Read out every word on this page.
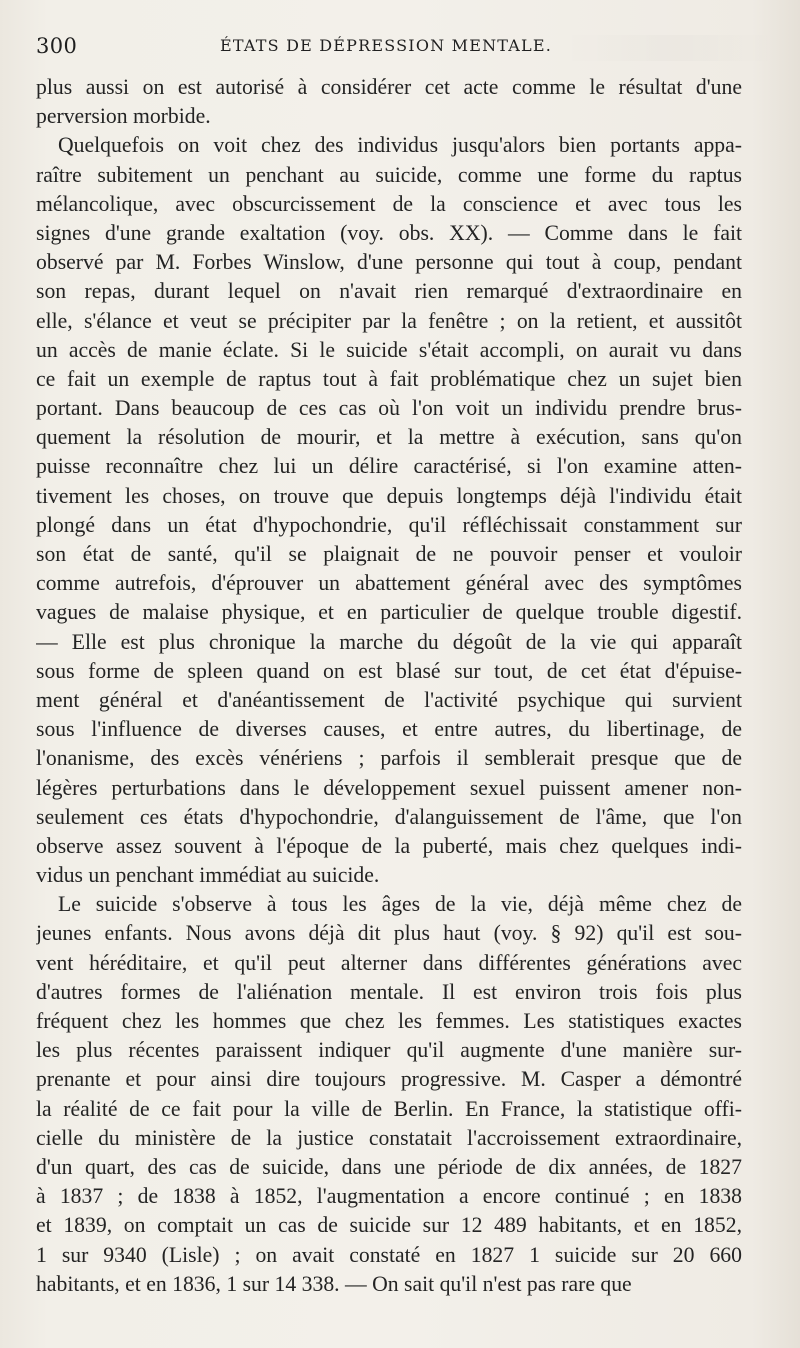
300	ÉTATS DE DÉPRESSION MENTALE.
plus aussi on est autorisé à considérer cet acte comme le résultat d'une
perversion morbide.
Quelquefois on voit chez des individus jusqu'alors bien portants appa-
raître subitement un penchant au suicide, comme une forme du raptus
mélancolique, avec obscurcissement de la conscience et avec tous les
signes d'une grande exaltation (voy. obs. XX). — Comme dans le fait
observé par M. Forbes Winslow, d'une personne qui tout à coup, pendant
son repas, durant lequel on n'avait rien remarqué d'extraordinaire en
elle, s'élance et veut se précipiter par la fenêtre ; on la retient, et aussitôt
un accès de manie éclate. Si le suicide s'était accompli, on aurait vu dans
ce fait un exemple de raptus tout à fait problématique chez un sujet bien
portant. Dans beaucoup de ces cas où l'on voit un individu prendre brus-
quement la résolution de mourir, et la mettre à exécution, sans qu'on
puisse reconnaître chez lui un délire caractérisé, si l'on examine atten-
tivement les choses, on trouve que depuis longtemps déjà l'individu était
plongé dans un état d'hypochondrie, qu'il réfléchissait constamment sur
son état de santé, qu'il se plaignait de ne pouvoir penser et vouloir
comme autrefois, d'éprouver un abattement général avec des symptômes
vagues de malaise physique, et en particulier de quelque trouble digestif.
— Elle est plus chronique la marche du dégoût de la vie qui apparaît
sous forme de spleen quand on est blasé sur tout, de cet état d'épuise-
ment général et d'anéantissement de l'activité psychique qui survient
sous l'influence de diverses causes, et entre autres, du libertinage, de
l'onanisme, des excès vénériens ; parfois il semblerait presque que de
légères perturbations dans le développement sexuel puissent amener non-
seulement ces états d'hypochondrie, d'alanguissement de l'âme, que l'on
observe assez souvent à l'époque de la puberté, mais chez quelques indi-
vidus un penchant immédiat au suicide.
Le suicide s'observe à tous les âges de la vie, déjà même chez de
jeunes enfants. Nous avons déjà dit plus haut (voy. § 92) qu'il est sou-
vent héréditaire, et qu'il peut alterner dans différentes générations avec
d'autres formes de l'aliénation mentale. Il est environ trois fois plus
fréquent chez les hommes que chez les femmes. Les statistiques exactes
les plus récentes paraissent indiquer qu'il augmente d'une manière sur-
prenante et pour ainsi dire toujours progressive. M. Casper a démontré
la réalité de ce fait pour la ville de Berlin. En France, la statistique offi-
cielle du ministère de la justice constatait l'accroissement extraordinaire,
d'un quart, des cas de suicide, dans une période de dix années, de 1827
à 1837 ; de 1838 à 1852, l'augmentation a encore continué ; en 1838
et 1839, on comptait un cas de suicide sur 12 489 habitants, et en 1852,
1 sur 9340 (Lisle) ; on avait constaté en 1827 1 suicide sur 20 660
habitants, et en 1836, 1 sur 14 338. — On sait qu'il n'est pas rare que
